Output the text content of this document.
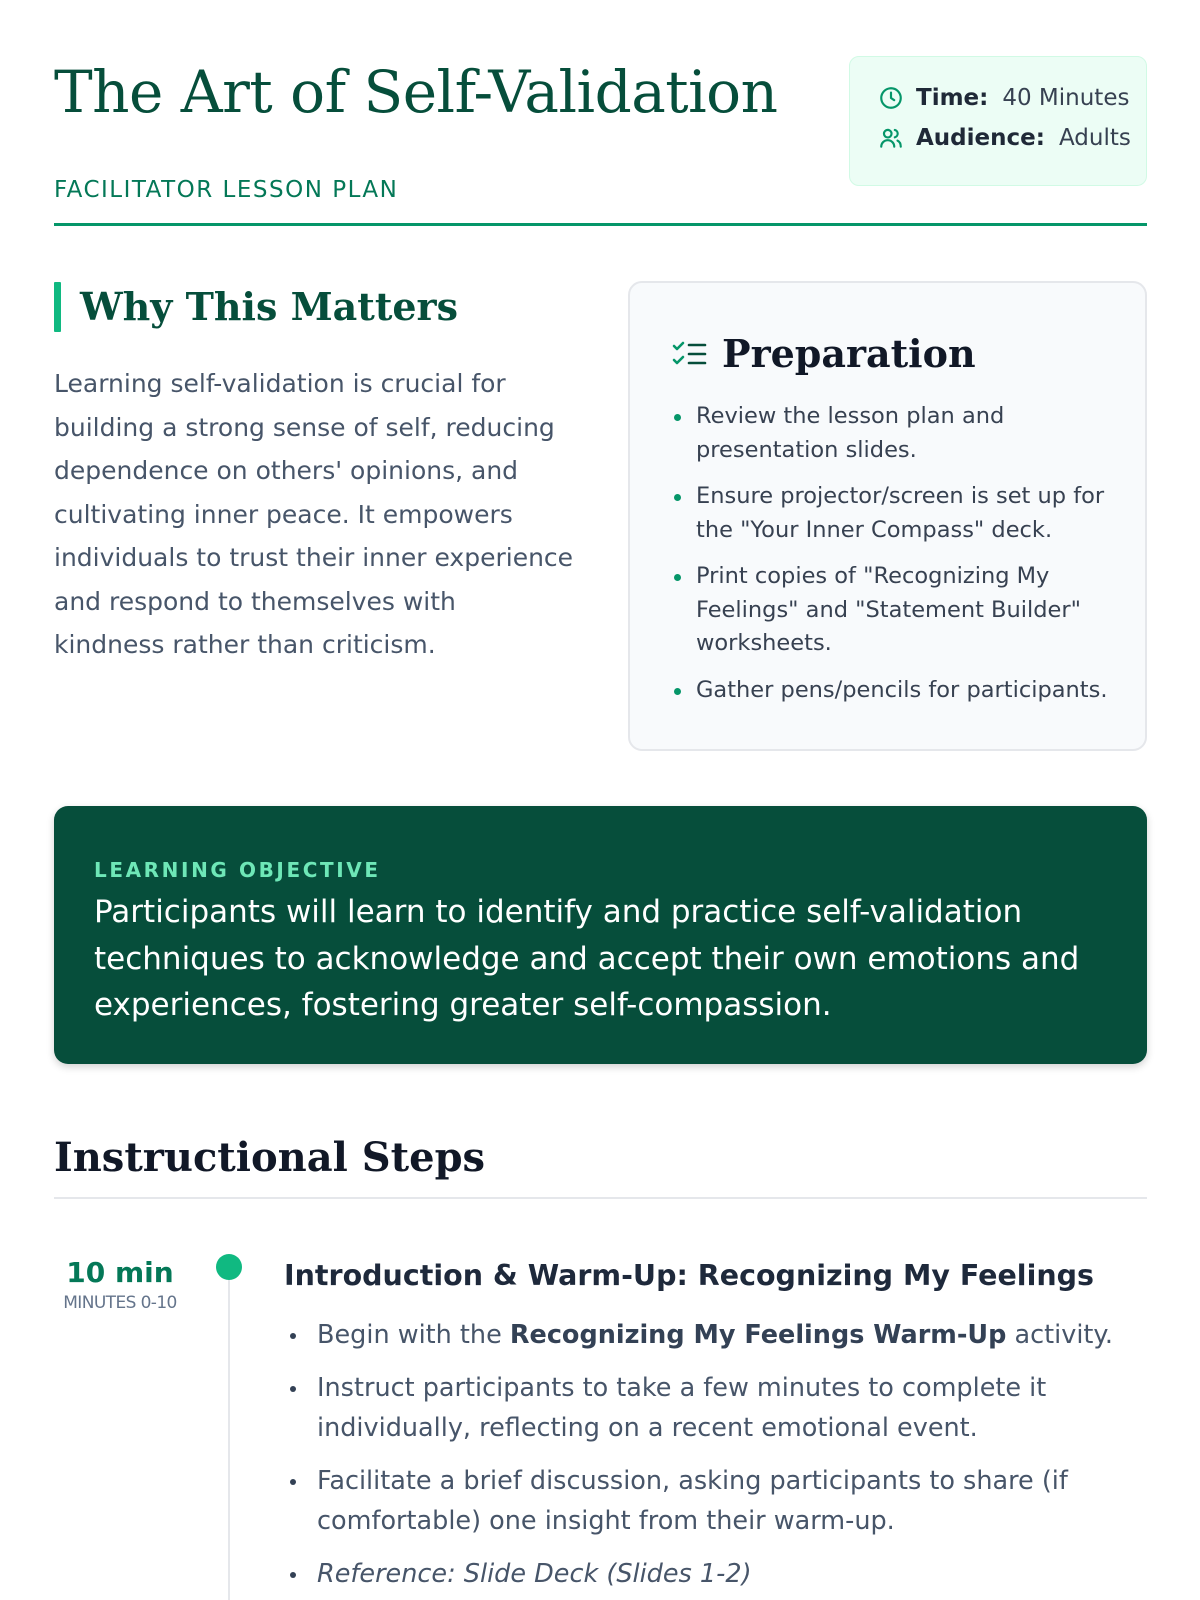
The Art of Self-Validation
FACILITATOR LESSON PLAN
Time: 40 Minutes
Audience: Adults
Why This Matters

Learning self-validation is crucial for building a strong sense of self, reducing dependence on others' opinions, and cultivating inner peace. It empowers individuals to trust their inner experience and respond to themselves with kindness rather than criticism.

Preparation
Review the lesson plan and presentation slides.
Ensure projector/screen is set up for the "Your Inner Compass" deck.
Print copies of "Recognizing My Feelings" and "Statement Builder" worksheets.
Gather pens/pencils for participants.
LEARNING OBJECTIVE

Participants will learn to identify and practice self-validation techniques to acknowledge and accept their own emotions and experiences, fostering greater self-compassion.

Instructional Steps
10 min
MINUTES 0-10
Introduction & Warm-Up: Recognizing My Feelings
Begin with the Recognizing My Feelings Warm-Up activity.
Instruct participants to take a few minutes to complete it individually, reflecting on a recent emotional event.
Facilitate a brief discussion, asking participants to share (if comfortable) one insight from their warm-up.
Reference: Slide Deck (Slides 1-2)
